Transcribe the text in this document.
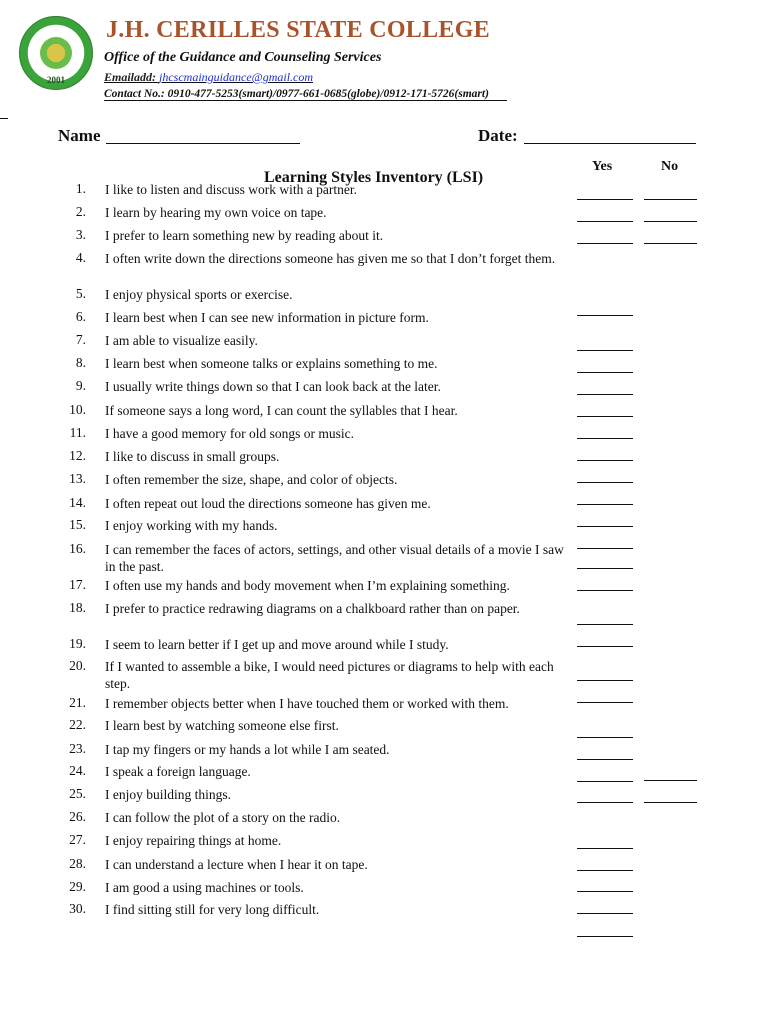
2001
J.H. CERILLES STATE COLLEGE
Office of the Guidance and Counseling Services
Emailadd: jhcscmainguidance@gmail.com
Contact No.: 0910-477-5253(smart)/0977-661-0685(globe)/0912-171-5726(smart)
Name	Date:
Yes	No
Learning Styles Inventory (LSI)
1. I like to listen and discuss work with a partner.
2. I learn by hearing my own voice on tape.
3. I prefer to learn something new by reading about it.
4. I often write down the directions someone has given me so that I don’t forget them.
5. I enjoy physical sports or exercise.
6. I learn best when I can see new information in picture form.
7. I am able to visualize easily.
8. I learn best when someone talks or explains something to me.
9. I usually write things down so that I can look back at the later.
10. If someone says a long word, I can count the syllables that I hear.
11. I have a good memory for old songs or music.
12. I like to discuss in small groups.
13. I often remember the size, shape, and color of objects.
14. I often repeat out loud the directions someone has given me.
15. I enjoy working with my hands.
16. I can remember the faces of actors, settings, and other visual details of a movie I saw in the past.
17. I often use my hands and body movement when I’m explaining something.
18. I prefer to practice redrawing diagrams on a chalkboard rather than on paper.
19. I seem to learn better if I get up and move around while I study.
20. If I wanted to assemble a bike, I would need pictures or diagrams to help with each step.
21. I remember objects better when I have touched them or worked with them.
22. I learn best by watching someone else first.
23. I tap my fingers or my hands a lot while I am seated.
24. I speak a foreign language.
25. I enjoy building things.
26. I can follow the plot of a story on the radio.
27. I enjoy repairing things at home.
28. I can understand a lecture when I hear it on tape.
29. I am good a using machines or tools.
30. I find sitting still for very long difficult.
